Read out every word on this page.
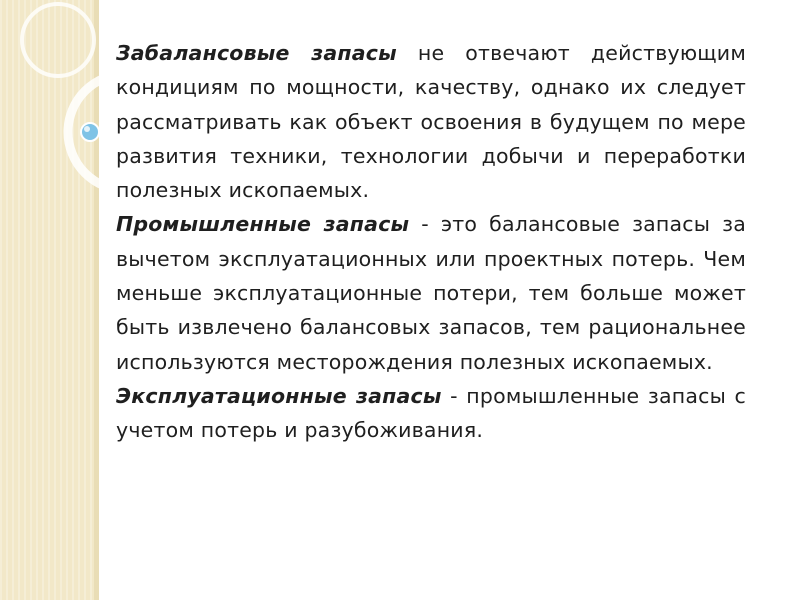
Забалансовые запасы не отвечают действующим кондициям по мощности, качеству, однако их следует рассматривать как объект освоения в будущем по мере развития техники, технологии добычи и переработки полезных ископаемых.

Промышленные запасы - это балансовые запасы за вычетом эксплуатационных или проектных потерь. Чем меньше эксплуатационные потери, тем больше может быть извлечено балансовых запасов, тем рациональнее используются месторождения полезных ископаемых.

Эксплуатационные запасы - промышленные запасы с учетом потерь и разубоживания.
